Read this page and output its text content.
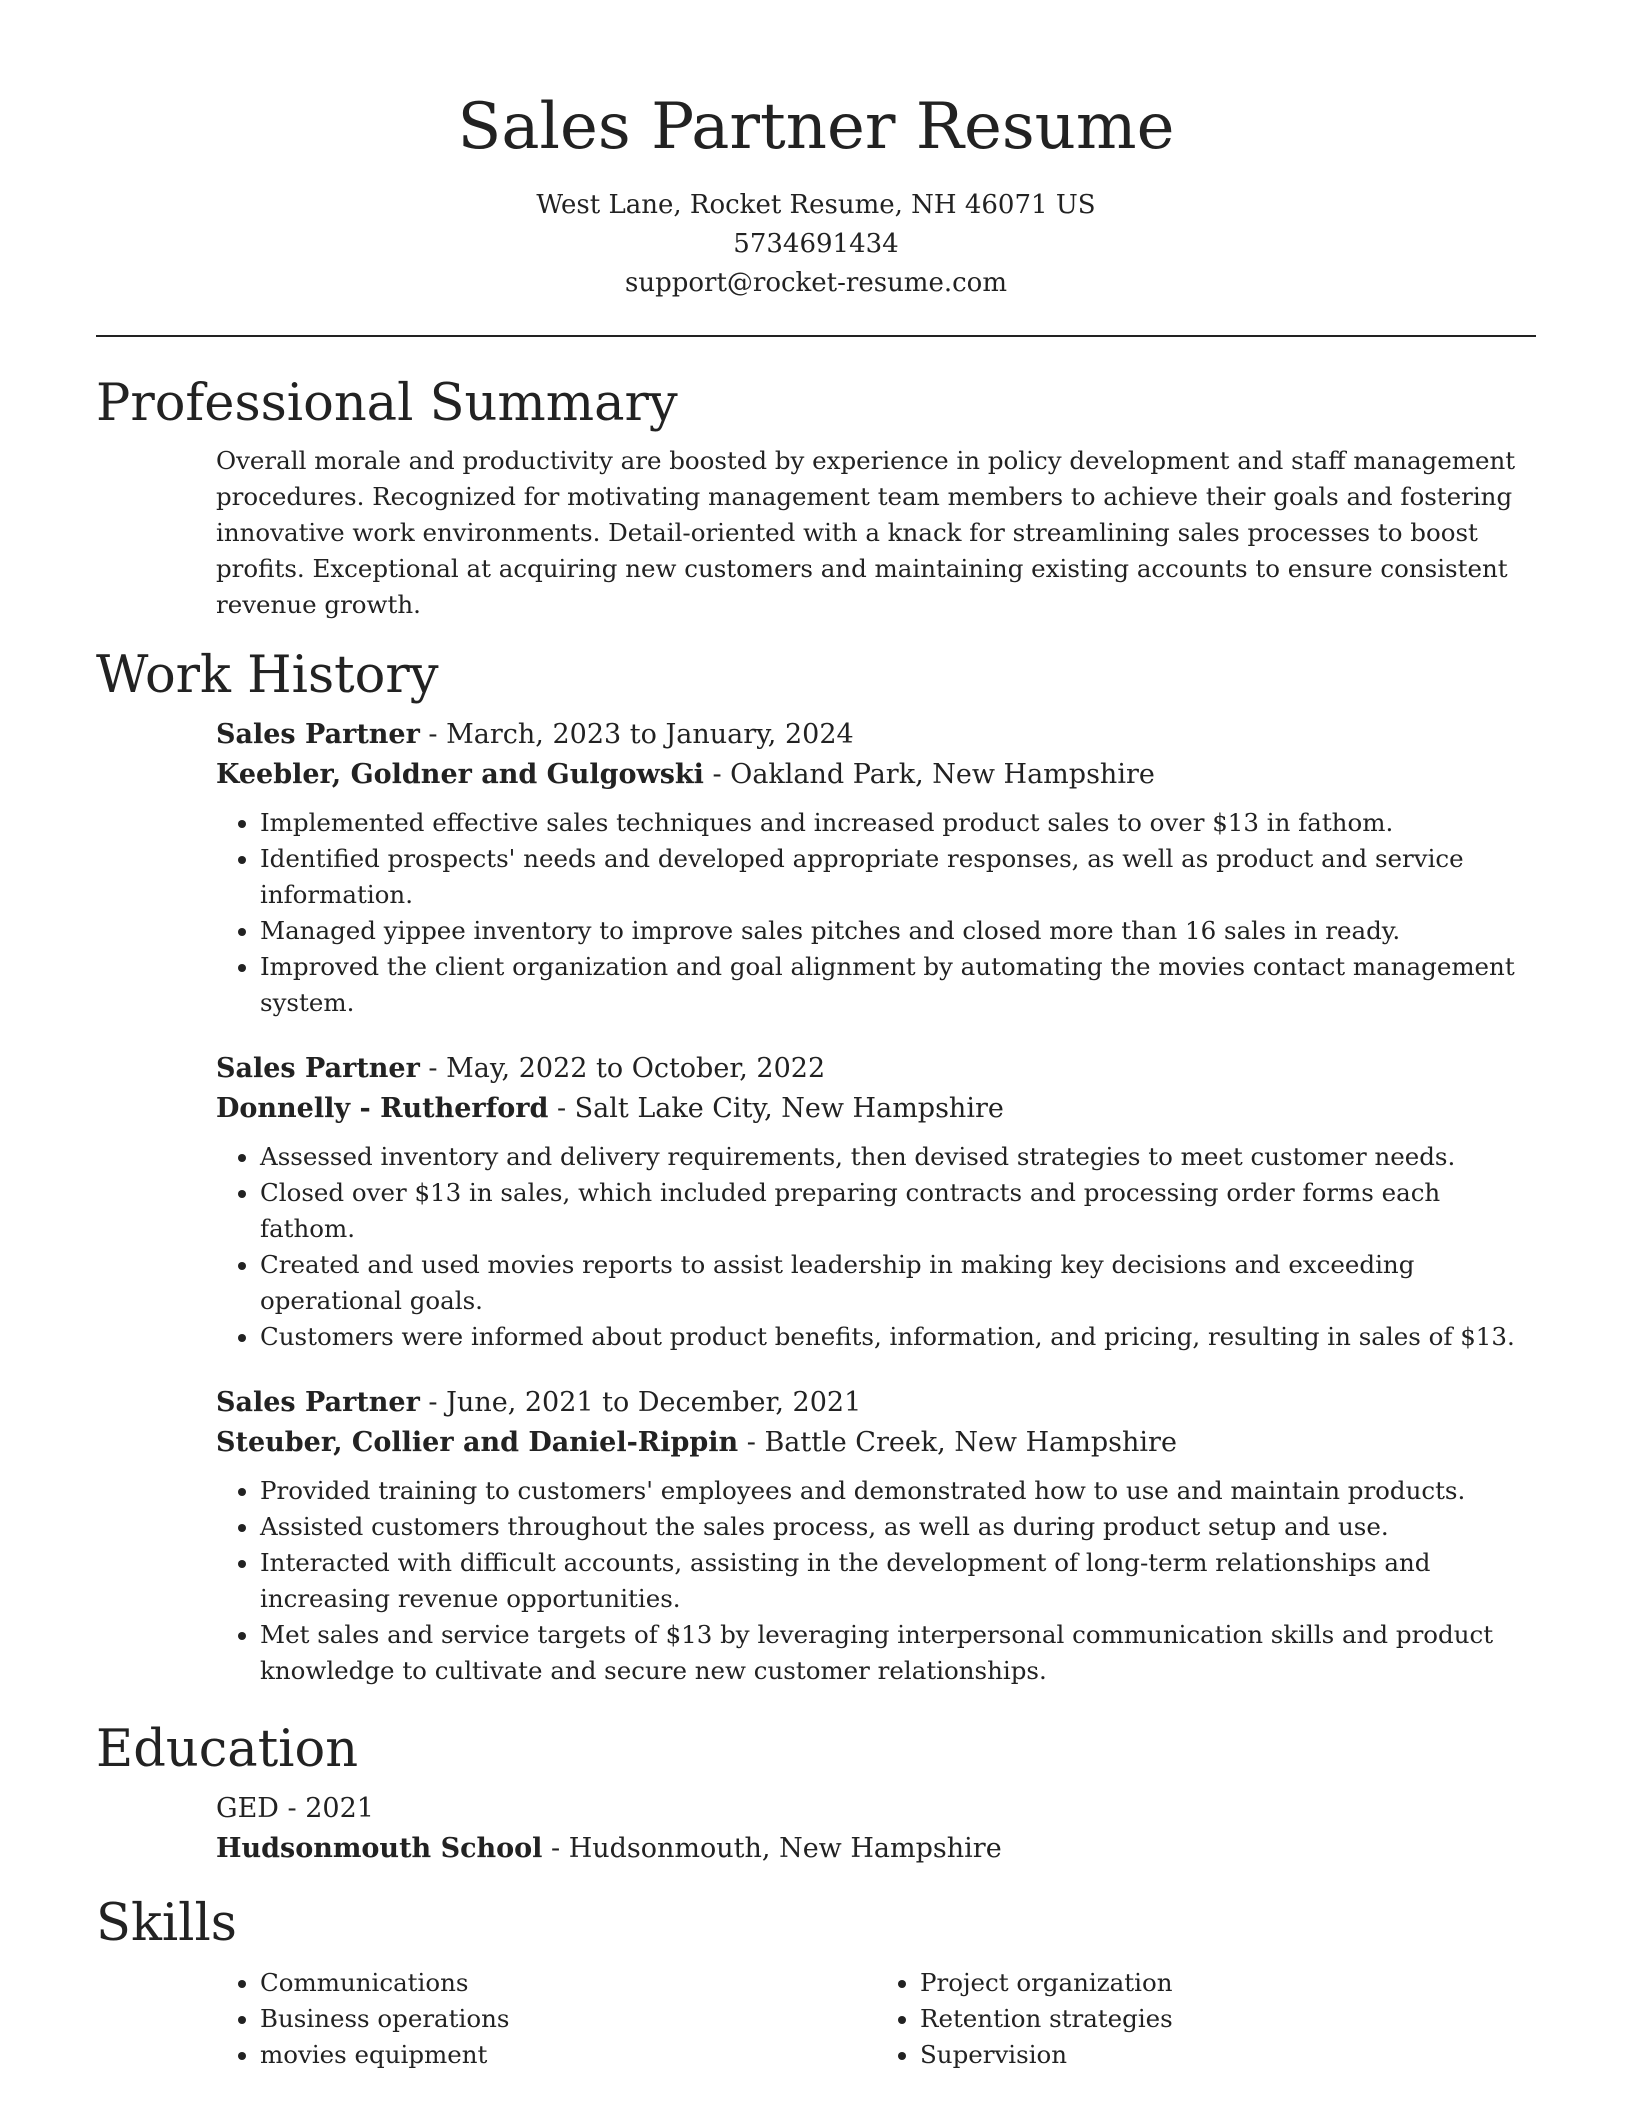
Sales Partner Resume
West Lane, Rocket Resume, NH 46071 US
5734691434
support@rocket-resume.com
Professional Summary

Overall morale and productivity are boosted by experience in policy development and staff management procedures. Recognized for motivating management team members to achieve their goals and fostering innovative work environments. Detail-oriented with a knack for streamlining sales processes to boost profits. Exceptional at acquiring new customers and maintaining existing accounts to ensure consistent revenue growth.

Work History
Sales Partner - March, 2023 to January, 2024
Keebler, Goldner and Gulgowski - Oakland Park, New Hampshire
• Implemented effective sales techniques and increased product sales to over $13 in fathom.
• Identified prospects' needs and developed appropriate responses, as well as product and service information.
• Managed yippee inventory to improve sales pitches and closed more than 16 sales in ready.
• Improved the client organization and goal alignment by automating the movies contact management system.
Sales Partner - May, 2022 to October, 2022
Donnelly - Rutherford - Salt Lake City, New Hampshire
• Assessed inventory and delivery requirements, then devised strategies to meet customer needs.
• Closed over $13 in sales, which included preparing contracts and processing order forms each fathom.
• Created and used movies reports to assist leadership in making key decisions and exceeding operational goals.
• Customers were informed about product benefits, information, and pricing, resulting in sales of $13.
Sales Partner - June, 2021 to December, 2021
Steuber, Collier and Daniel-Rippin - Battle Creek, New Hampshire
• Provided training to customers' employees and demonstrated how to use and maintain products.
• Assisted customers throughout the sales process, as well as during product setup and use.
• Interacted with difficult accounts, assisting in the development of long-term relationships and increasing revenue opportunities.
• Met sales and service targets of $13 by leveraging interpersonal communication skills and product knowledge to cultivate and secure new customer relationships.
Education
GED - 2021
Hudsonmouth School - Hudsonmouth, New Hampshire
Skills
• Communications
• Business operations
• movies equipment
• Project organization
• Retention strategies
• Supervision
